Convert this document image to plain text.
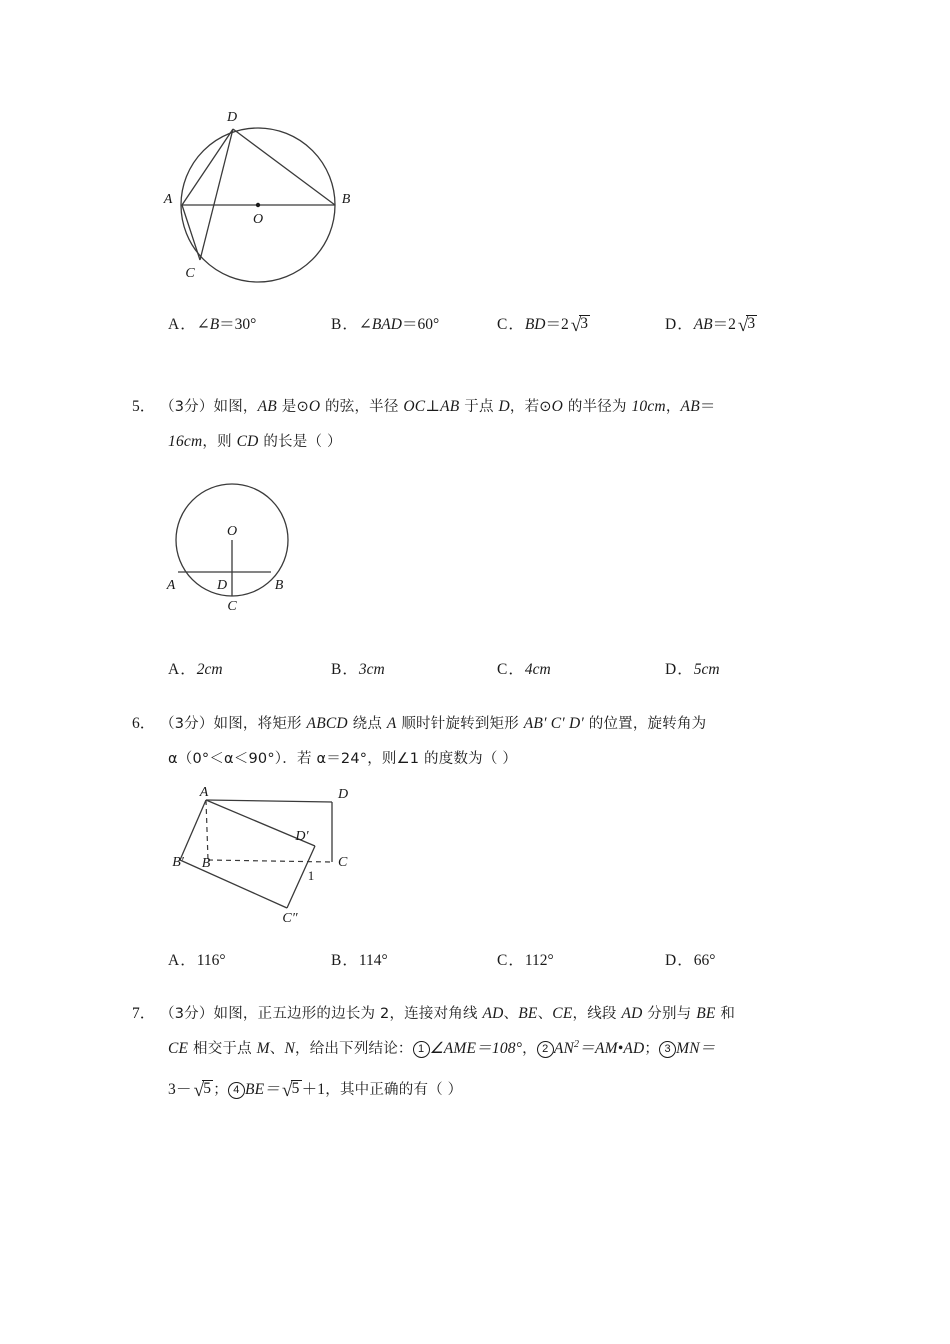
D
A	B
C
O
A．∠B＝30°	B．∠BAD＝60°	C．BD＝2 √3	D．AB＝2 √3
5． （3分）如图，AB 是⊙O 的弦，半径 OC⊥AB 于点 D，若⊙O 的半径为 10cm，AB＝
16cm，则 CD 的长是（ ）
O
A	D	B
C
A．2cm	B．3cm	C．4cm	D．5cm
6． （3分）如图，将矩形 ABCD 绕点 A 顺时针旋转到矩形 AB′ C′ D′ 的位置，旋转角为
α（0°＜α＜90°）．若 α＝24°，则∠1 的度数为（ ）
A	D
D′
C
B
B′
C″
1
A．116°	B．114°	C．112°	D．66°
7． （3分）如图，正五边形的边长为 2，连接对角线 AD、BE、CE，线段 AD 分别与 BE 和
CE 相交于点 M、N，给出下列结论： 1 ∠AME＝108°， 2 $AN^2=AM•AD$； 3 MN＝
3－ √5 ； 4 BE＝ √5 ＋1，其中正确的有（ ）
